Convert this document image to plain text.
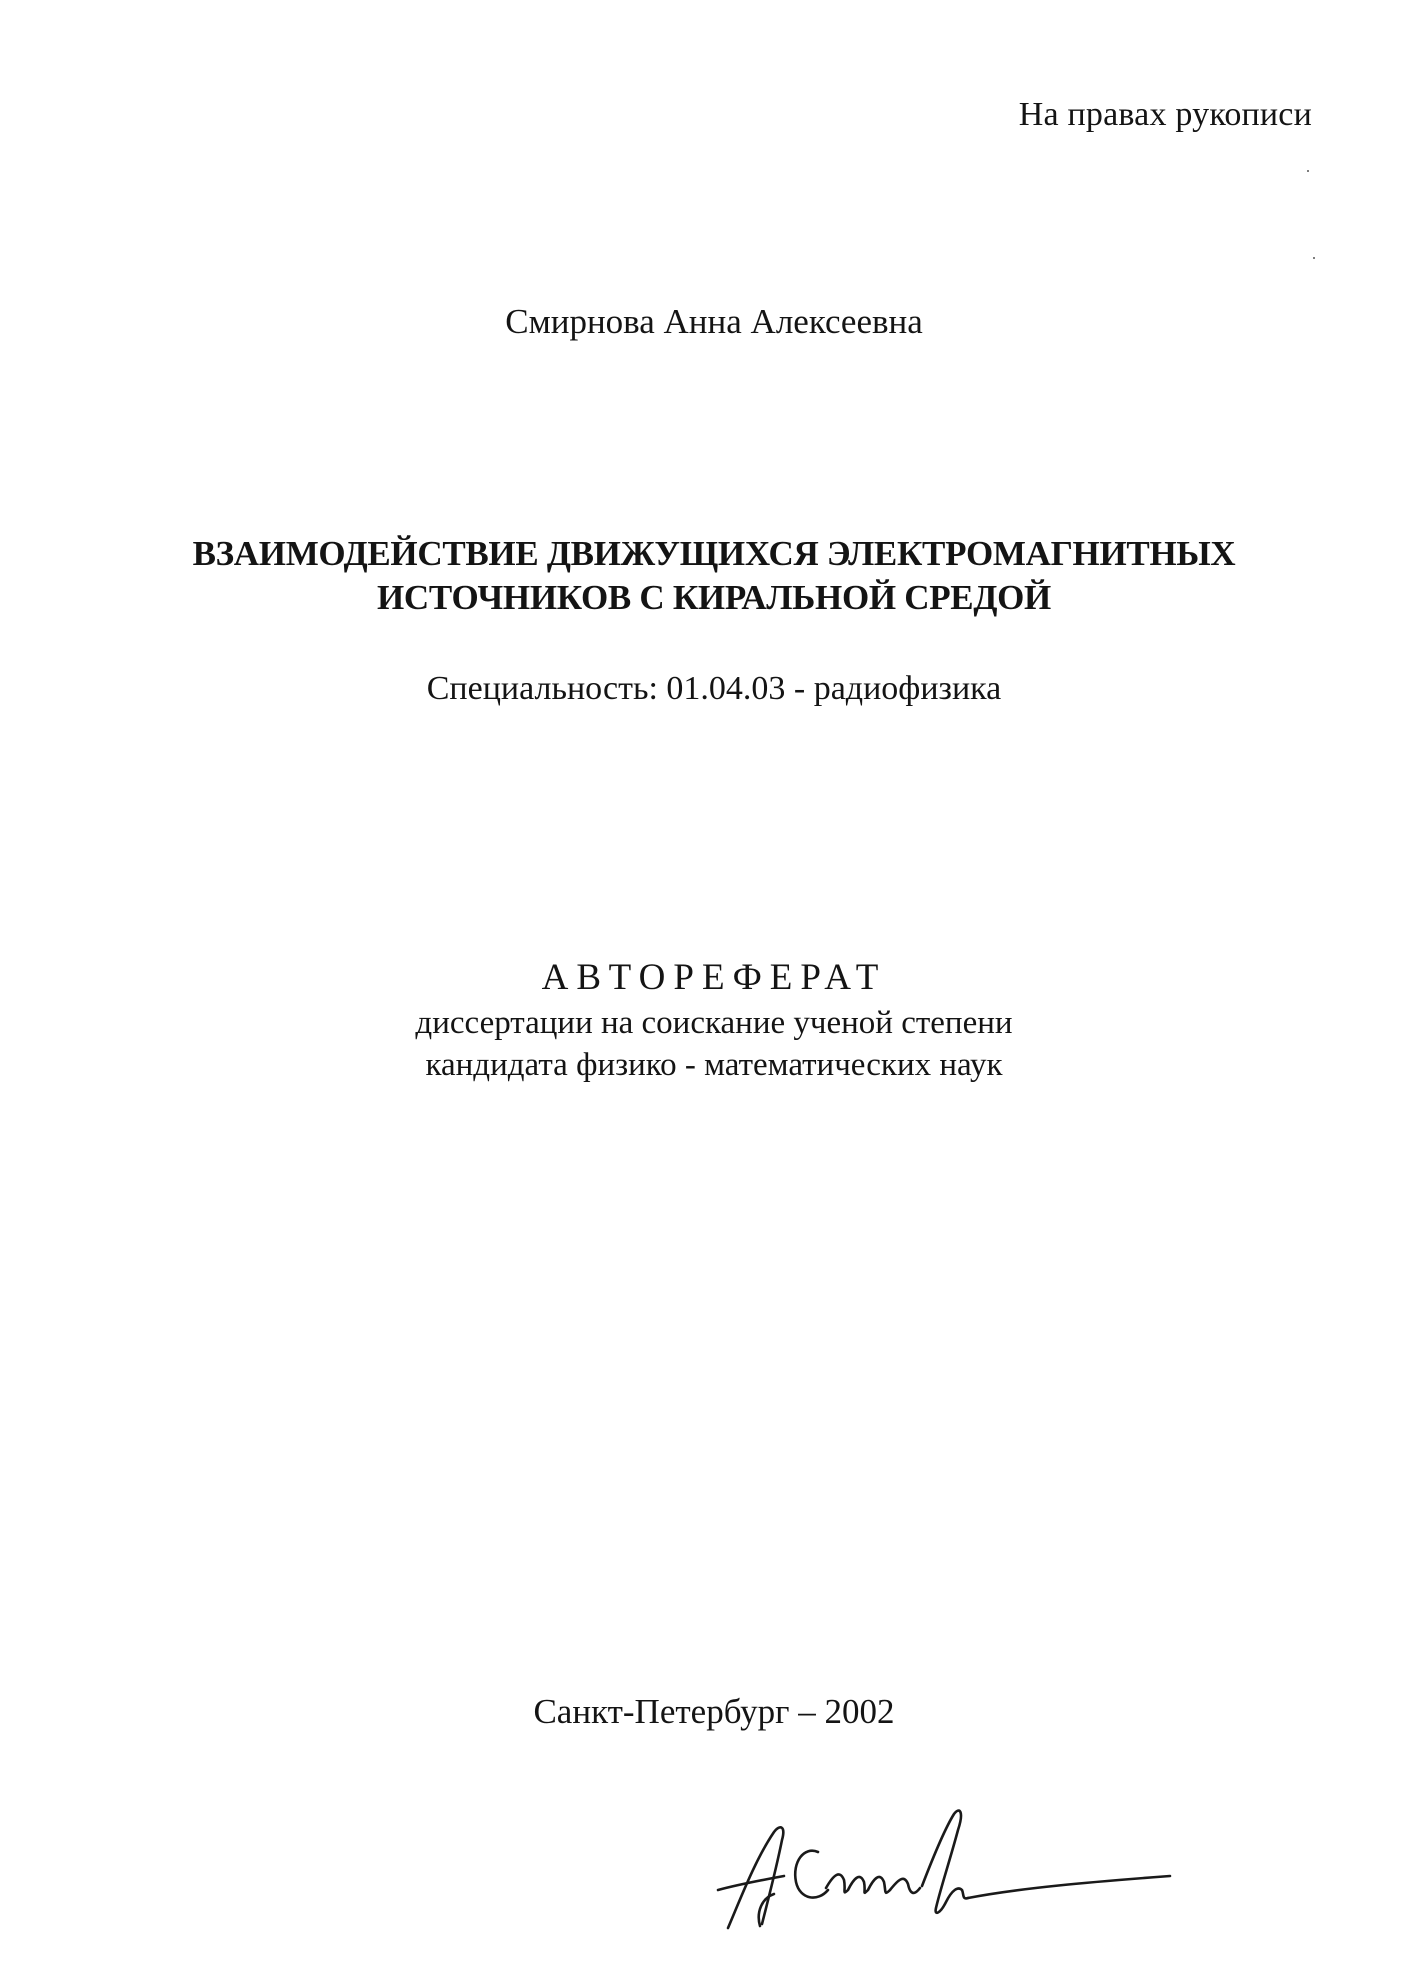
На правах рукописи
Смирнова Анна Алексеевна
ВЗАИМОДЕЙСТВИЕ ДВИЖУЩИХСЯ ЭЛЕКТРОМАГНИТНЫХ
ИСТОЧНИКОВ С КИРАЛЬНОЙ СРЕДОЙ
Специальность: 01.04.03 - радиофизика
АВТОРЕФЕРАТ
диссертации на соискание ученой степени
кандидата физико - математических наук
Санкт-Петербург – 2002
